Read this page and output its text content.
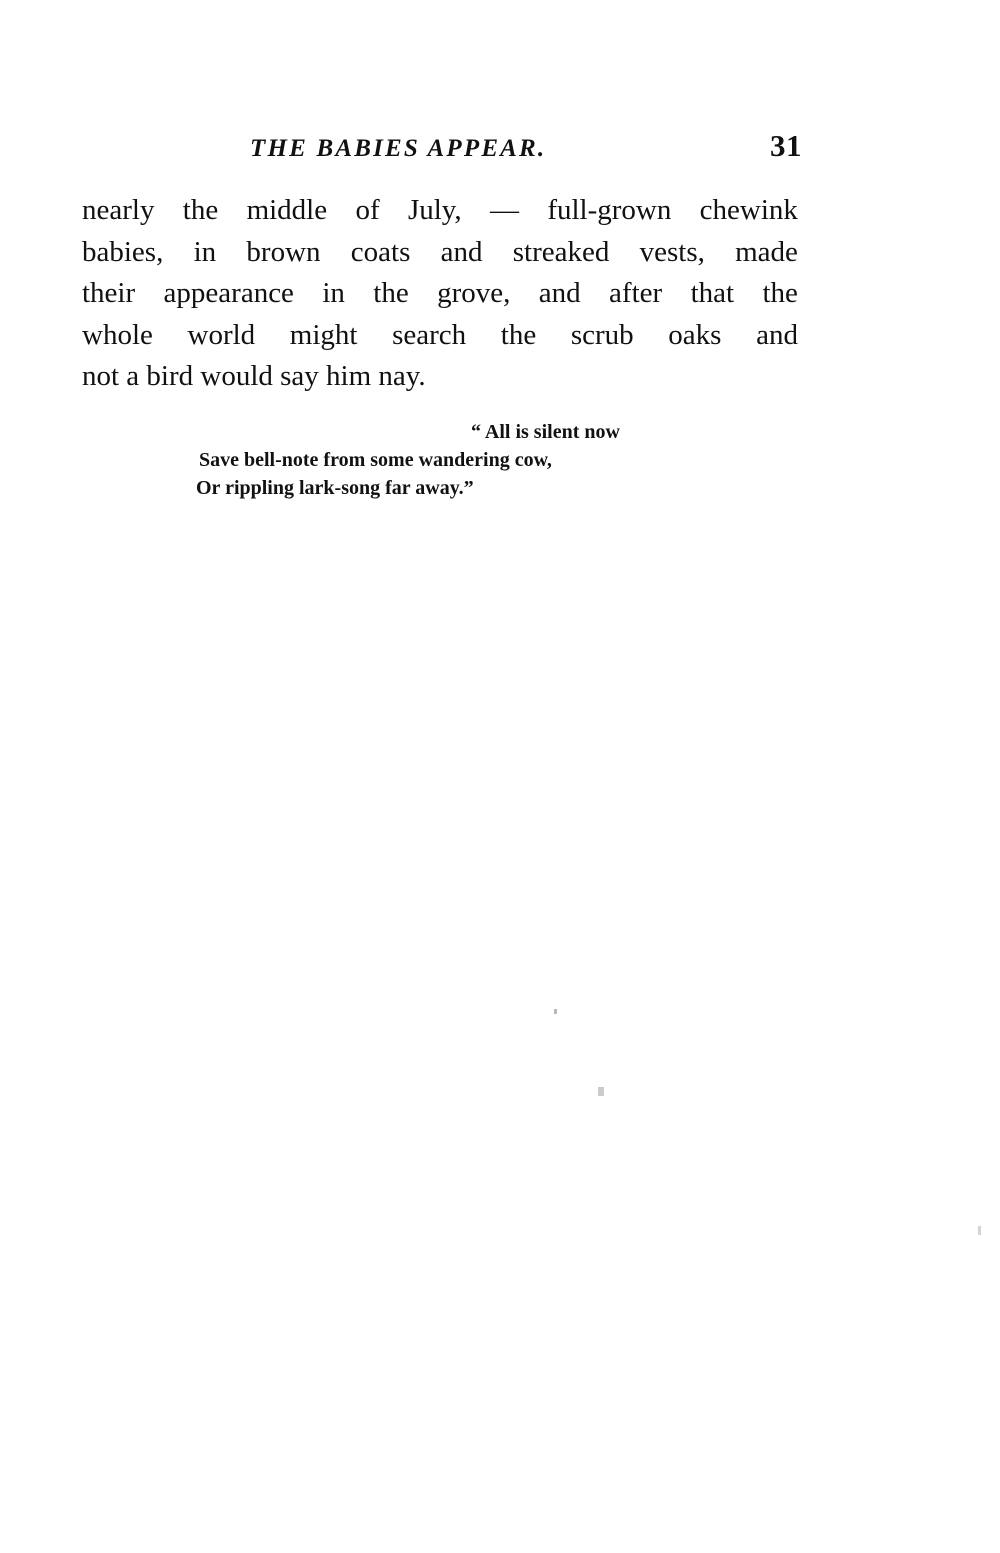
THE BABIES APPEAR.	31
nearly the middle of July, — full-grown chewink
babies, in brown coats and streaked vests, made
their appearance in the grove, and after that the
whole world might search the scrub oaks and
not a bird would say him nay.
“ All is silent now
Save bell-note from some wandering cow,
Or rippling lark-song far away.”
